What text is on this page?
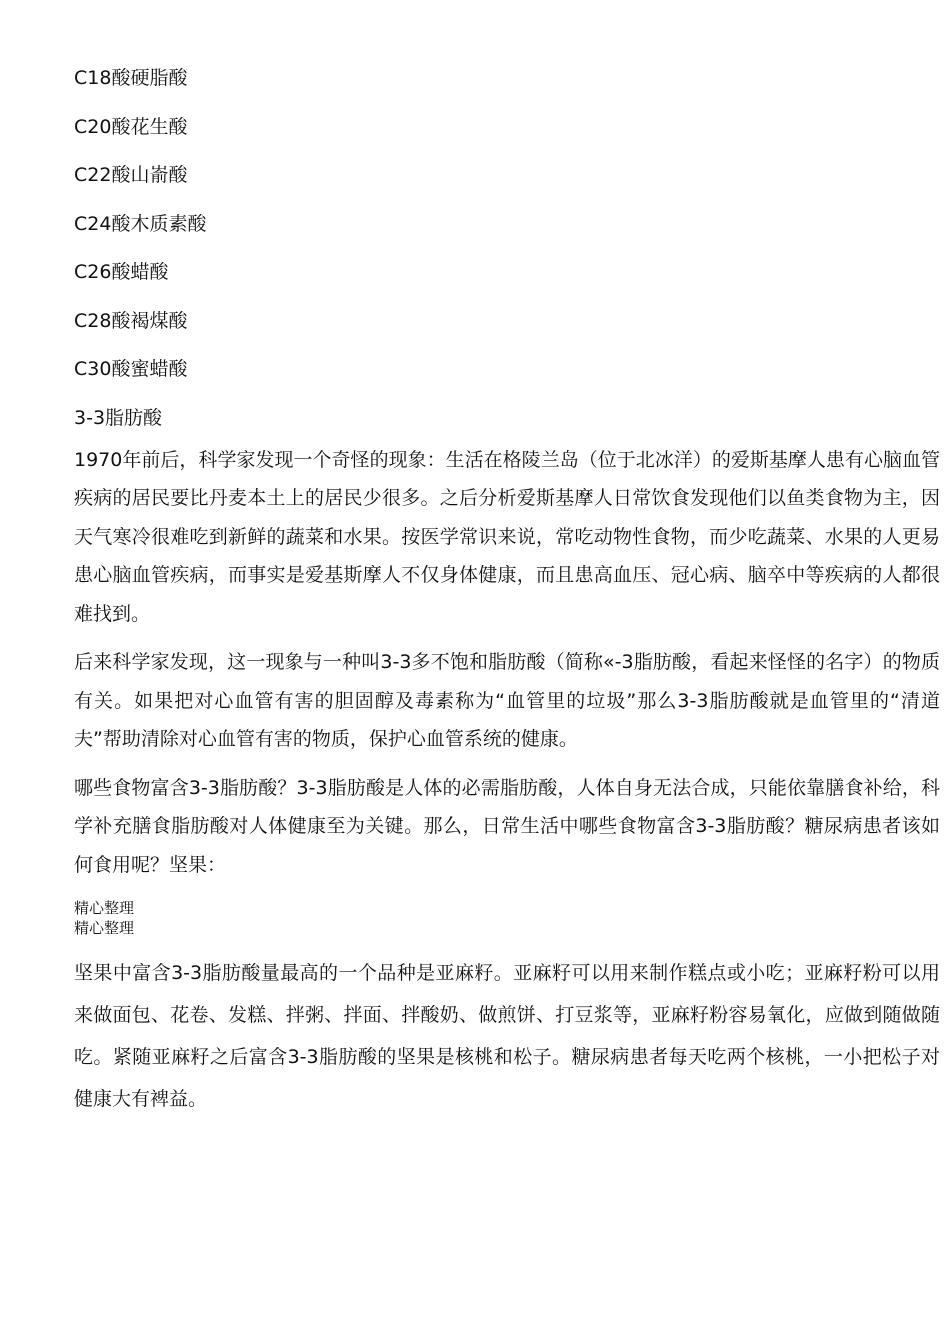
C18酸硬脂酸
C20酸花生酸
C22酸山嵛酸
C24酸木质素酸
C26酸蜡酸
C28酸褐煤酸
C30酸蜜蜡酸
3-3脂肪酸

1970年前后，科学家发现一个奇怪的现象：生活在格陵兰岛（位于北冰洋）的爱斯基摩人患有心脑血管疾病的居民要比丹麦本土上的居民少很多。之后分析爱斯基摩人日常饮食发现他们以鱼类食物为主，因天气寒冷很难吃到新鲜的蔬菜和水果。按医学常识来说，常吃动物性食物，而少吃蔬菜、水果的人更易患心脑血管疾病，而事实是爱基斯摩人不仅身体健康，而且患高血压、冠心病、脑卒中等疾病的人都很难找到。

后来科学家发现，这一现象与一种叫3-3多不饱和脂肪酸（简称«-3脂肪酸，看起来怪怪的名字）的物质有关。如果把对心血管有害的胆固醇及毒素称为“血管里的垃圾”那么3-3脂肪酸就是血管里的“清道夫”帮助清除对心血管有害的物质，保护心血管系统的健康。

哪些食物富含3-3脂肪酸？3-3脂肪酸是人体的必需脂肪酸，人体自身无法合成，只能依靠膳食补给，科学补充膳食脂肪酸对人体健康至为关键。那么，日常生活中哪些食物富含3-3脂肪酸？糖尿病患者该如何食用呢？坚果：

精心整理

精心整理

坚果中富含3-3脂肪酸量最高的一个品种是亚麻籽。亚麻籽可以用来制作糕点或小吃；亚麻籽粉可以用来做面包、花卷、发糕、拌粥、拌面、拌酸奶、做煎饼、打豆浆等，亚麻籽粉容易氧化，应做到随做随吃。紧随亚麻籽之后富含3-3脂肪酸的坚果是核桃和松子。糖尿病患者每天吃两个核桃，一小把松子对健康大有裨益。
